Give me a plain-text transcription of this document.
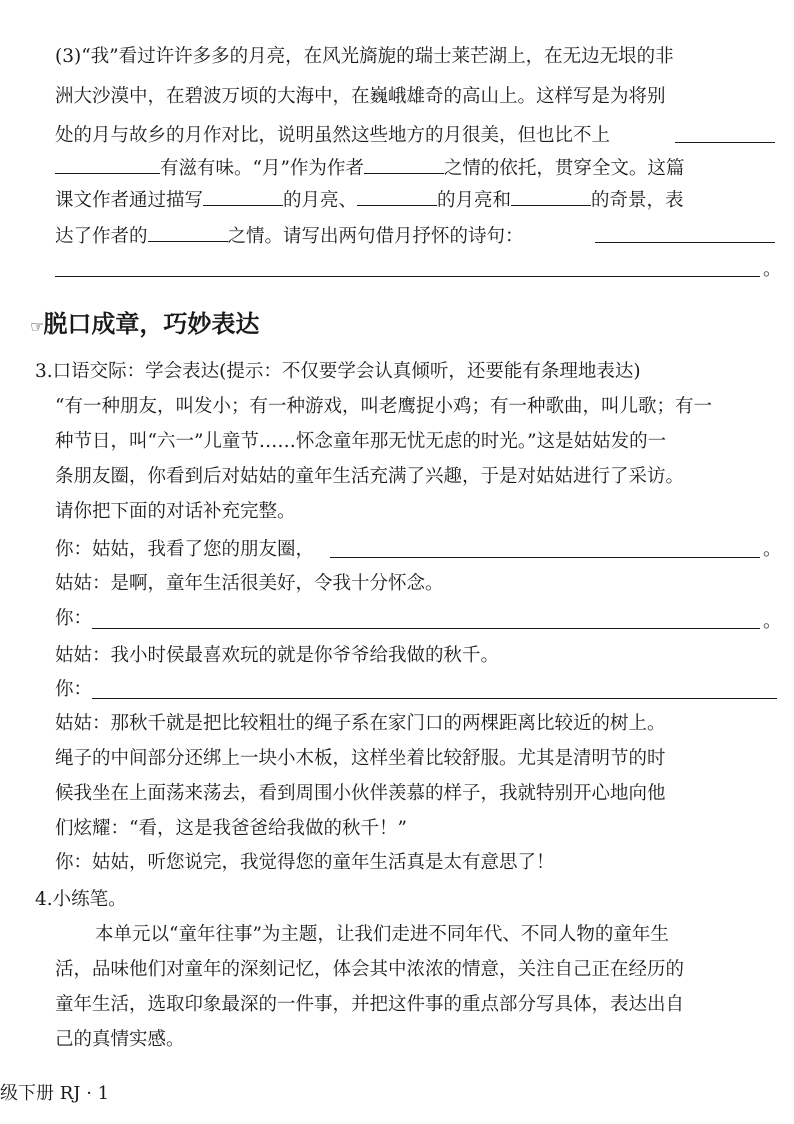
(3)“我”看过许许多多的月亮，在风光旖旎的瑞士莱芒湖上，在无边无垠的非
洲大沙漠中，在碧波万顷的大海中，在巍峨雄奇的高山上。这样写是为将别
处的月与故乡的月作对比，说明虽然这些地方的月很美，但也比不上
有滋有味。“月”作为作者	之情的依托，贯穿全文。这篇
课文作者通过描写	的月亮、	的月亮和	的奇景，表
达了作者的	之情。请写出两句借月抒怀的诗句：
。
☞脱口成章，巧妙表达
3.口语交际：学会表达(提示：不仅要学会认真倾听，还要能有条理地表达)
“有一种朋友，叫发小；有一种游戏，叫老鹰捉小鸡；有一种歌曲，叫儿歌；有一
种节日，叫“六一”儿童节……怀念童年那无忧无虑的时光。”这是姑姑发的一
条朋友圈，你看到后对姑姑的童年生活充满了兴趣，于是对姑姑进行了采访。
请你把下面的对话补充完整。
你：姑姑，我看了您的朋友圈，	。
姑姑：是啊，童年生活很美好，令我十分怀念。
你：	。
姑姑：我小时侯最喜欢玩的就是你爷爷给我做的秋千。
你：
姑姑：那秋千就是把比较粗壮的绳子系在家门口的两棵距离比较近的树上。
绳子的中间部分还绑上一块小木板，这样坐着比较舒服。尤其是清明节的时
候我坐在上面荡来荡去，看到周围小伙伴羡慕的样子，我就特别开心地向他
们炫耀：“看，这是我爸爸给我做的秋千！”
你：姑姑，听您说完，我觉得您的童年生活真是太有意思了！
4.小练笔。
本单元以“童年往事”为主题，让我们走进不同年代、不同人物的童年生
活，品味他们对童年的深刻记忆，体会其中浓浓的情意，关注自己正在经历的
童年生活，选取印象最深的一件事，并把这件事的重点部分写具体，表达出自
己的真情实感。
级下册 RJ · 1
